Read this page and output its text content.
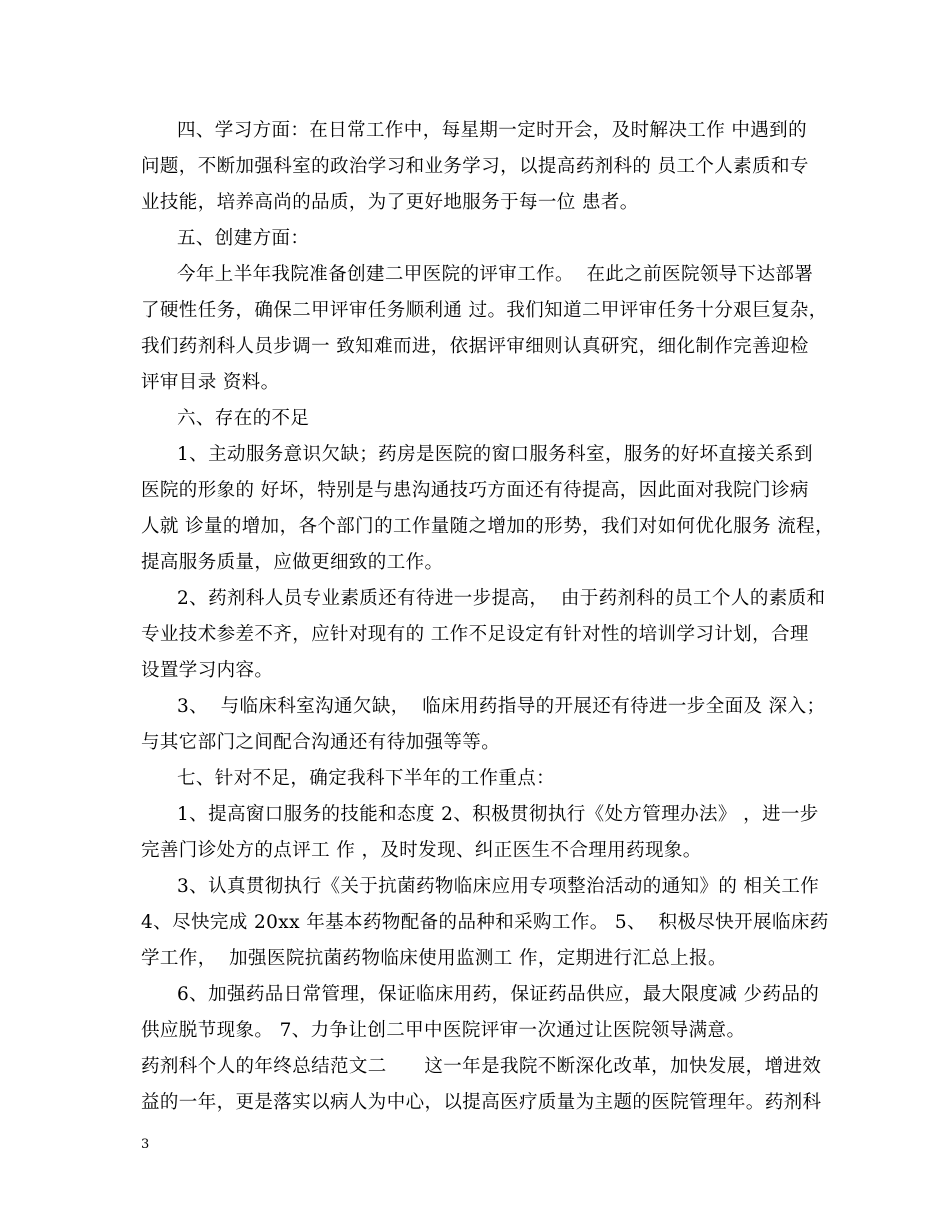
四、学习方面：在日常工作中，每星期一定时开会，及时解决工作 中遇到的
问题，不断加强科室的政治学习和业务学习，以提高药剂科的 员工个人素质和专
业技能，培养高尚的品质，为了更好地服务于每一位 患者。
五、创建方面：
今年上半年我院准备创建二甲医院的评审工作。  在此之前医院领导下达部署
了硬性任务，确保二甲评审任务顺利通 过。我们知道二甲评审任务十分艰巨复杂，
我们药剂科人员步调一 致知难而进，依据评审细则认真研究，细化制作完善迎检
评审目录 资料。
六、存在的不足
1、主动服务意识欠缺；药房是医院的窗口服务科室，服务的好坏直接关系到
医院的形象的 好坏，特别是与患沟通技巧方面还有待提高，因此面对我院门诊病
人就 诊量的增加，各个部门的工作量随之增加的形势，我们对如何优化服务 流程，
提高服务质量，应做更细致的工作。
2、药剂科人员专业素质还有待进一步提高，  由于药剂科的员工个人的素质和
专业技术参差不齐，应针对现有的 工作不足设定有针对性的培训学习计划，合理
设置学习内容。
3、  与临床科室沟通欠缺，  临床用药指导的开展还有待进一步全面及 深入；
与其它部门之间配合沟通还有待加强等等。
七、针对不足，确定我科下半年的工作重点：
1、提高窗口服务的技能和态度 2、积极贯彻执行《处方管理办法》 ，进一步
完善门诊处方的点评工 作 ，及时发现、纠正医生不合理用药现象。
3、认真贯彻执行《关于抗菌药物临床应用专项整治活动的通知》的 相关工作
4、尽快完成 20xx 年基本药物配备的品种和采购工作。 5、  积极尽快开展临床药
学工作，  加强医院抗菌药物临床使用监测工 作，定期进行汇总上报。
6、加强药品日常管理，保证临床用药，保证药品供应，最大限度减 少药品的
供应脱节现象。 7、力争让创二甲中医院评审一次通过让医院领导满意。
药剂科个人的年终总结范文二      这一年是我院不断深化改革，加快发展，增进效
益的一年，更是落实以病人为中心，以提高医疗质量为主题的医院管理年。药剂科
3
